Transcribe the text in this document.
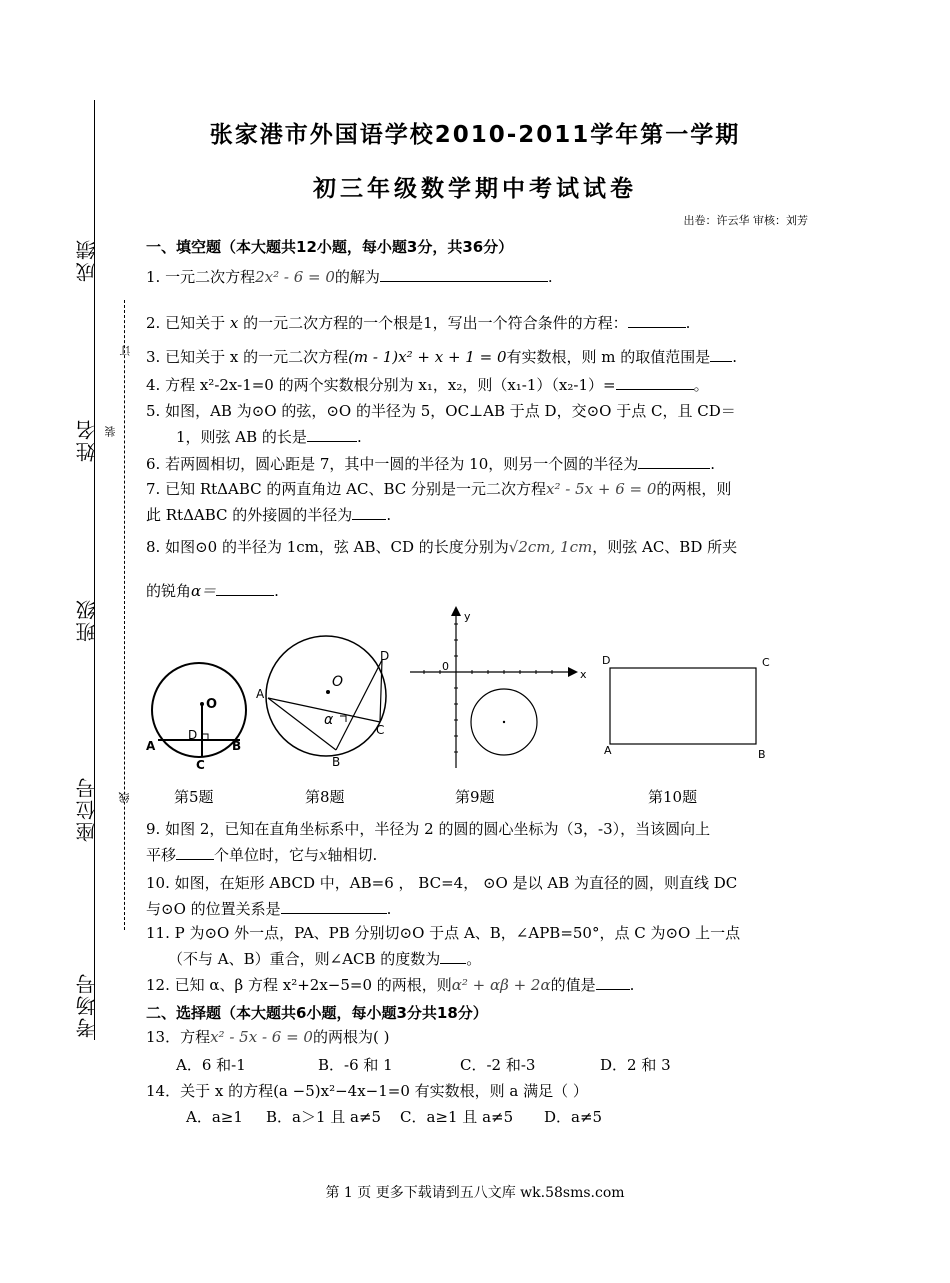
成绩
姓名
班级
座位号
考场号
订
装
线
张家港市外国语学校2010-2011学年第一学期
初三年级数学期中考试试卷
出卷：许云华 审核：刘芳
一、填空题（本大题共12小题，每小题3分，共36分）
1. 一元二次方程2x² - 6 = 0的解为	.
2. 已知关于 x 的一元二次方程的一个根是1，写出一个符合条件的方程：	.
3. 已知关于 x 的一元二次方程(m - 1)x² + x + 1 = 0有实数根，则 m 的取值范围是 .
4. 方程 x²-2x-1=0 的两个实数根分别为 x₁，x₂，则（x₁-1）（x₂-1）=	。
5. 如图，AB 为⊙O 的弦，⊙O 的半径为 5，OC⊥AB 于点 D，交⊙O 于点 C，且 CD＝
1，则弦 AB 的长是	.
6. 若两圆相切，圆心距是 7，其中一圆的半径为 10，则另一个圆的半径为	.
7. 已知 RtΔABC 的两直角边 AC、BC 分别是一元二次方程x² - 5x + 6 = 0的两根，则
此 RtΔABC 的外接圆的半径为 .
8. 如图⊙0 的半径为 1cm，弦 AB、CD 的长度分别为√2cm, 1cm，则弦 AC、BD 所夹
的锐角α＝	.
O
D
A	B
C
O
A
B
C
D
α
y
x
0	D	C
A	B
第5题	第8题	第9题	第10题
9. 如图 2，已知在直角坐标系中，半径为 2 的圆的圆心坐标为（3，-3），当该圆向上
平移	个单位时，它与x轴相切.
10. 如图，在矩形 ABCD 中，AB=6 ， BC=4， ⊙O 是以 AB 为直径的圆，则直线 DC
与⊙O 的位置关系是	.
11. P 为⊙O 外一点，PA、PB 分别切⊙O 于点 A、B，∠APB=50°，点 C 为⊙O 上一点
（不与 A、B）重合，则∠ACB 的度数为 。
12. 已知 α、β 方程 x²+2x−5=0 的两根，则α² + αβ + 2α的值是 .
二、选择题（本大题共6小题，每小题3分共18分）
13．方程x² - 5x - 6 = 0的两根为( )
A．6 和-1	B．-6 和 1	C．-2 和-3	D．2 和 3
14．关于 x 的方程(a −5)x²−4x−1=0 有实数根，则 a 满足（ ）
A．a≥1 B．a＞1 且 a≠5 C．a≥1 且 a≠5 D．a≠5
第 1 页 更多下载请到五八文库 wk.58sms.com
